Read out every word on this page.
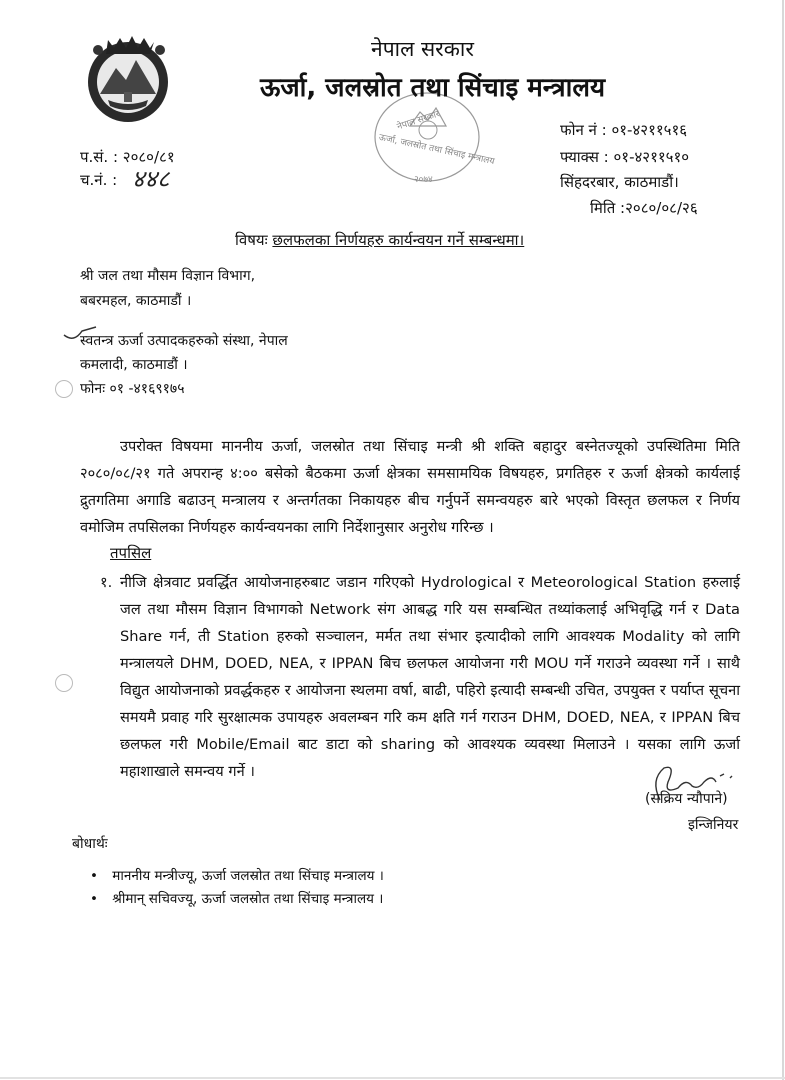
नेपाल सरकार
ऊर्जा, जलस्रोत तथा सिंचाइ मन्त्रालय
२०७४
नेपाल सरकार
ऊर्जा, जलस्रोत तथा सिंचाइ मन्त्रालय
प.सं. : २०८०/८१
च.नं. : ४४८
फोन नं : ०१-४२११५१६
फ्याक्स : ०१-४२११५१०
सिंहदरबार, काठमाडौं।
मिति :२०८०/०८/२६
विषयः छलफलका निर्णयहरु कार्यन्वयन गर्ने सम्बन्धमा।
श्री जल तथा मौसम विज्ञान विभाग,
बबरमहल, काठमाडौं ।
स्वतन्त्र ऊर्जा उत्पादकहरुको संस्था, नेपाल
कमलादी, काठमाडौं ।
फोनः ०१ -४१६९१७५
उपरोक्त विषयमा माननीय ऊर्जा, जलस्रोत तथा सिंचाइ मन्त्री श्री शक्ति बहादुर बस्नेतज्यूको उपस्थितिमा मिति २०८०/०८/२१ गते अपरान्ह ४:०० बसेको बैठकमा ऊर्जा क्षेत्रका समसामयिक विषयहरु, प्रगतिहरु र ऊर्जा क्षेत्रको कार्यलाई द्रुतगतिमा अगाडि बढाउन् मन्त्रालय र अन्तर्गतका निकायहरु बीच गर्नुपर्ने समन्वयहरु बारे भएको विस्तृत छलफल र निर्णय वमोजिम तपसिलका निर्णयहरु कार्यन्वयनका लागि निर्देशानुसार अनुरोध गरिन्छ ।
तपसिल
१. नीजि क्षेत्रवाट प्रवर्द्धित आयोजनाहरुबाट जडान गरिएको Hydrological र Meteorological Station हरुलाई जल तथा मौसम विज्ञान विभागको Network संग आबद्ध गरि यस सम्बन्धित तथ्यांकलाई अभिवृद्धि गर्न र Data Share गर्न, ती Station हरुको सञ्चालन, मर्मत तथा संभार इत्यादीको लागि आवश्यक Modality को लागि मन्त्रालयले DHM, DOED, NEA, र IPPAN बिच छलफल आयोजना गरी MOU गर्ने गराउने व्यवस्था गर्ने । साथै विद्युत आयोजनाको प्रवर्द्धकहरु र आयोजना स्थलमा वर्षा, बाढी, पहिरो इत्यादी सम्बन्धी उचित, उपयुक्त र पर्याप्त सूचना समयमै प्रवाह गरि सुरक्षात्मक उपायहरु अवलम्बन गरि कम क्षति गर्न गराउन DHM, DOED, NEA, र IPPAN बिच छलफल गरी Mobile/Email बाट डाटा को sharing को आवश्यक व्यवस्था मिलाउने । यसका लागि ऊर्जा महाशाखाले समन्वय गर्ने ।
(सक्रिय न्यौपाने)
इन्जिनियर
बोधार्थः
• माननीय मन्त्रीज्यू, ऊर्जा जलस्रोत तथा सिंचाइ मन्त्रालय ।
• श्रीमान् सचिवज्यू, ऊर्जा जलस्रोत तथा सिंचाइ मन्त्रालय ।
